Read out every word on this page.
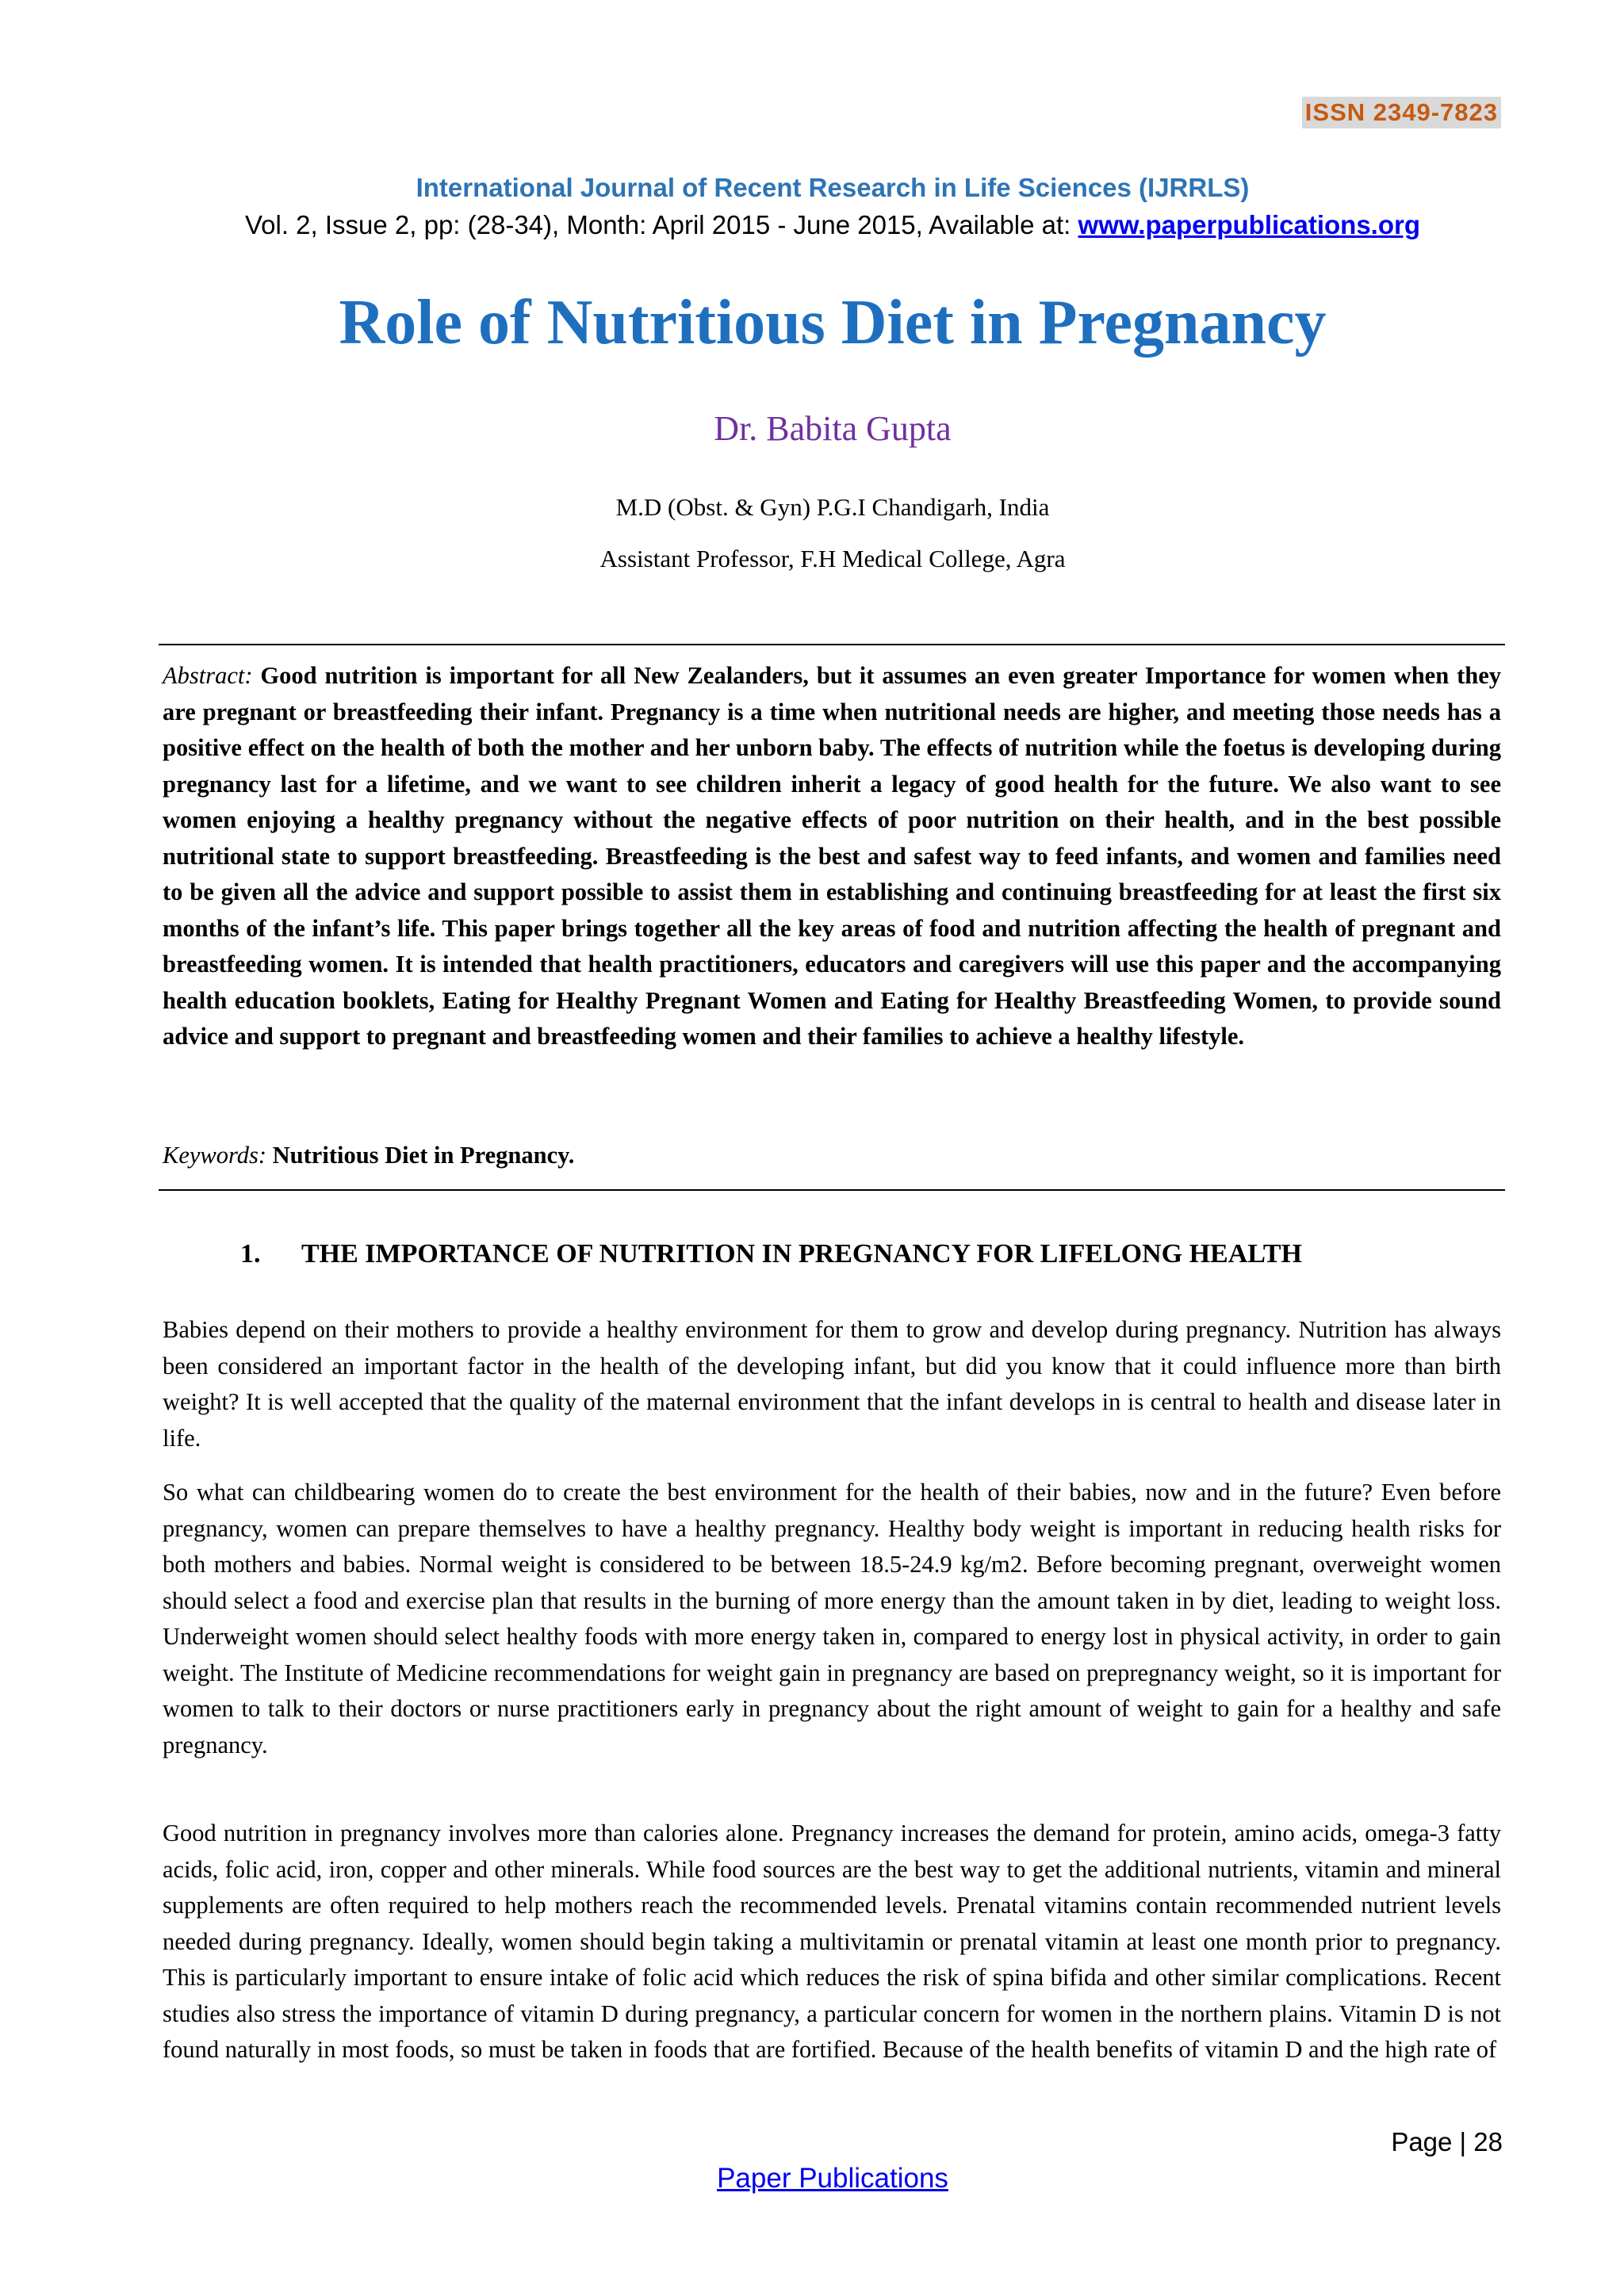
ISSN 2349-7823
International Journal of Recent Research in Life Sciences (IJRRLS)
Vol. 2, Issue 2, pp: (28-34), Month: April 2015 - June 2015, Available at: www.paperpublications.org
Role of Nutritious Diet in Pregnancy
Dr. Babita Gupta
M.D (Obst. & Gyn) P.G.I Chandigarh, India
Assistant Professor, F.H Medical College, Agra

Abstract: Good nutrition is important for all New Zealanders, but it assumes an even greater Importance for women when they are pregnant or breastfeeding their infant. Pregnancy is a time when nutritional needs are higher, and meeting those needs has a positive effect on the health of both the mother and her unborn baby. The effects of nutrition while the foetus is developing during pregnancy last for a lifetime, and we want to see children inherit a legacy of good health for the future. We also want to see women enjoying a healthy pregnancy without the negative effects of poor nutrition on their health, and in the best possible nutritional state to support breastfeeding. Breastfeeding is the best and safest way to feed infants, and women and families need to be given all the advice and support possible to assist them in establishing and continuing breastfeeding for at least the first six months of the infant’s life. This paper brings together all the key areas of food and nutrition affecting the health of pregnant and breastfeeding women. It is intended that health practitioners, educators and caregivers will use this paper and the accompanying health education booklets, Eating for Healthy Pregnant Women and Eating for Healthy Breastfeeding Women, to provide sound advice and support to pregnant and breastfeeding women and their families to achieve a healthy lifestyle.

Keywords: Nutritious Diet in Pregnancy.

1. THE IMPORTANCE OF NUTRITION IN PREGNANCY FOR LIFELONG HEALTH

Babies depend on their mothers to provide a healthy environment for them to grow and develop during pregnancy. Nutrition has always been considered an important factor in the health of the developing infant, but did you know that it could influence more than birth weight? It is well accepted that the quality of the maternal environment that the infant develops in is central to health and disease later in life.

So what can childbearing women do to create the best environment for the health of their babies, now and in the future? Even before pregnancy, women can prepare themselves to have a healthy pregnancy. Healthy body weight is important in reducing health risks for both mothers and babies. Normal weight is considered to be between 18.5-24.9 kg/m2. Before becoming pregnant, overweight women should select a food and exercise plan that results in the burning of more energy than the amount taken in by diet, leading to weight loss. Underweight women should select healthy foods with more energy taken in, compared to energy lost in physical activity, in order to gain weight. The Institute of Medicine recommendations for weight gain in pregnancy are based on prepregnancy weight, so it is important for women to talk to their doctors or nurse practitioners early in pregnancy about the right amount of weight to gain for a healthy and safe pregnancy.

Good nutrition in pregnancy involves more than calories alone. Pregnancy increases the demand for protein, amino acids, omega-3 fatty acids, folic acid, iron, copper and other minerals. While food sources are the best way to get the additional nutrients, vitamin and mineral supplements are often required to help mothers reach the recommended levels. Prenatal vitamins contain recommended nutrient levels needed during pregnancy. Ideally, women should begin taking a multivitamin or prenatal vitamin at least one month prior to pregnancy. This is particularly important to ensure intake of folic acid which reduces the risk of spina bifida and other similar complications. Recent studies also stress the importance of vitamin D during pregnancy, a particular concern for women in the northern plains. Vitamin D is not found naturally in most foods, so must be taken in foods that are fortified. Because of the health benefits of vitamin D and the high rate of

Page | 28
Paper Publications
